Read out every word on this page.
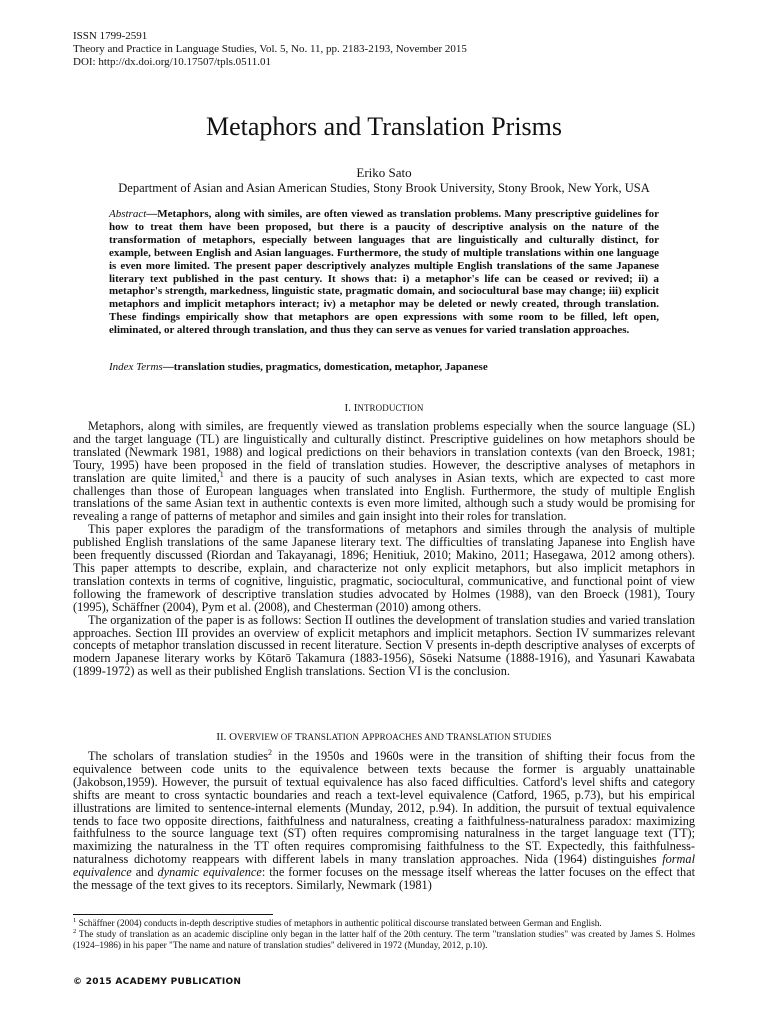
ISSN 1799-2591
Theory and Practice in Language Studies, Vol. 5, No. 11, pp. 2183-2193, November 2015
DOI: http://dx.doi.org/10.17507/tpls.0511.01
Metaphors and Translation Prisms
Eriko Sato
Department of Asian and Asian American Studies, Stony Brook University, Stony Brook, New York, USA
Abstract—Metaphors, along with similes, are often viewed as translation problems. Many prescriptive guidelines for how to treat them have been proposed, but there is a paucity of descriptive analysis on the nature of the transformation of metaphors, especially between languages that are linguistically and culturally distinct, for example, between English and Asian languages. Furthermore, the study of multiple translations within one language is even more limited. The present paper descriptively analyzes multiple English translations of the same Japanese literary text published in the past century. It shows that: i) a metaphor's life can be ceased or revived; ii) a metaphor's strength, markedness, linguistic state, pragmatic domain, and sociocultural base may change; iii) explicit metaphors and implicit metaphors interact; iv) a metaphor may be deleted or newly created, through translation. These findings empirically show that metaphors are open expressions with some room to be filled, left open, eliminated, or altered through translation, and thus they can serve as venues for varied translation approaches.
Index Terms—translation studies, pragmatics, domestication, metaphor, Japanese
I. INTRODUCTION

Metaphors, along with similes, are frequently viewed as translation problems especially when the source language (SL) and the target language (TL) are linguistically and culturally distinct. Prescriptive guidelines on how metaphors should be translated (Newmark 1981, 1988) and logical predictions on their behaviors in translation contexts (van den Broeck, 1981; Toury, 1995) have been proposed in the field of translation studies. However, the descriptive analyses of metaphors in translation are quite limited,$^1$ and there is a paucity of such analyses in Asian texts, which are expected to cast more challenges than those of European languages when translated into English. Furthermore, the study of multiple English translations of the same Asian text in authentic contexts is even more limited, although such a study would be promising for revealing a range of patterns of metaphor and similes and gain insight into their roles for translation.

This paper explores the paradigm of the transformations of metaphors and similes through the analysis of multiple published English translations of the same Japanese literary text. The difficulties of translating Japanese into English have been frequently discussed (Riordan and Takayanagi, 1896; Henitiuk, 2010; Makino, 2011; Hasegawa, 2012 among others). This paper attempts to describe, explain, and characterize not only explicit metaphors, but also implicit metaphors in translation contexts in terms of cognitive, linguistic, pragmatic, sociocultural, communicative, and functional point of view following the framework of descriptive translation studies advocated by Holmes (1988), van den Broeck (1981), Toury (1995), Schäffner (2004), Pym et al. (2008), and Chesterman (2010) among others.

The organization of the paper is as follows: Section II outlines the development of translation studies and varied translation approaches. Section III provides an overview of explicit metaphors and implicit metaphors. Section IV summarizes relevant concepts of metaphor translation discussed in recent literature. Section V presents in-depth descriptive analyses of excerpts of modern Japanese literary works by Kōtarō Takamura (1883-1956), Sōseki Natsume (1888-1916), and Yasunari Kawabata (1899-1972) as well as their published English translations. Section VI is the conclusion.

II. OVERVIEW OF TRANSLATION APPROACHES AND TRANSLATION STUDIES

The scholars of translation studies$^2$ in the 1950s and 1960s were in the transition of shifting their focus from the equivalence between code units to the equivalence between texts because the former is arguably unattainable (Jakobson,1959). However, the pursuit of textual equivalence has also faced difficulties. Catford's level shifts and category shifts are meant to cross syntactic boundaries and reach a text-level equivalence (Catford, 1965, p.73), but his empirical illustrations are limited to sentence-internal elements (Munday, 2012, p.94). In addition, the pursuit of textual equivalence tends to face two opposite directions, faithfulness and naturalness, creating a faithfulness-naturalness paradox: maximizing faithfulness to the source language text (ST) often requires compromising naturalness in the target language text (TT); maximizing the naturalness in the TT often requires compromising faithfulness to the ST. Expectedly, this faithfulness-naturalness dichotomy reappears with different labels in many translation approaches. Nida (1964) distinguishes formal equivalence and dynamic equivalence: the former focuses on the message itself whereas the latter focuses on the effect that the message of the text gives to its receptors. Similarly, Newmark (1981)

$^1$ Schäffner (2004) conducts in-depth descriptive studies of metaphors in authentic political discourse translated between German and English.
$^2$ The study of translation as an academic discipline only began in the latter half of the 20th century. The term "translation studies" was created by James S. Holmes (1924–1986) in his paper "The name and nature of translation studies" delivered in 1972 (Munday, 2012, p.10).
© 2015 ACADEMY PUBLICATION
